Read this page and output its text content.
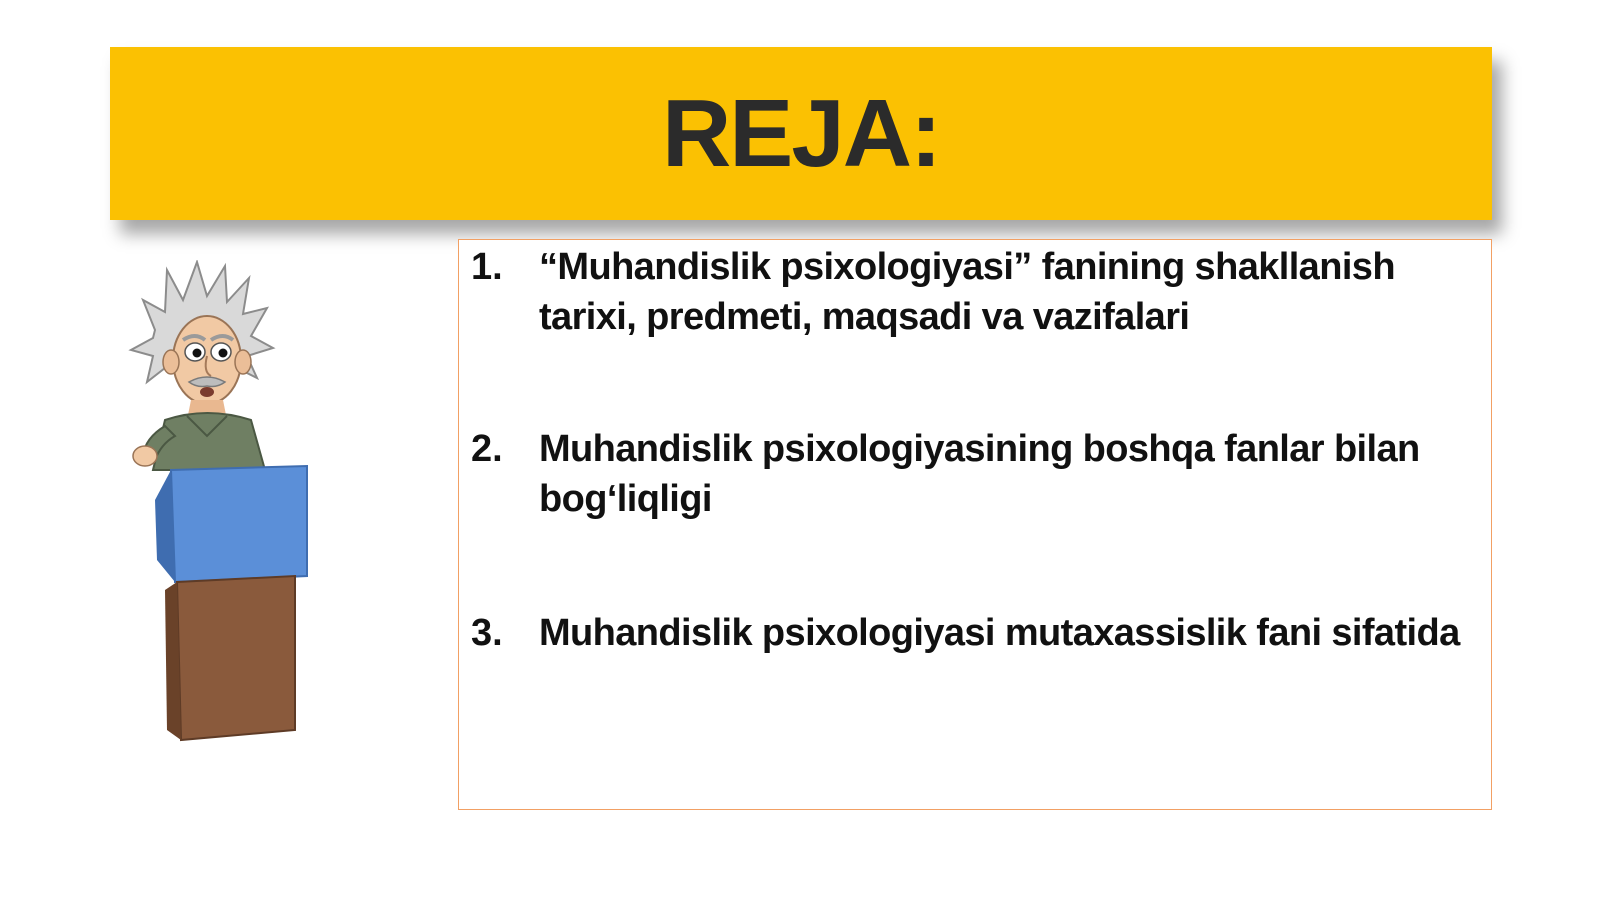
REJA:
1. “Muhandislik psixologiyasi” fanining shakllanish tarixi, predmeti, maqsadi va vazifalari
2. Muhandislik psixologiyasining boshqa fanlar bilan bog‘liqligi
3. Muhandislik psixologiyasi mutaxassislik fani sifatida
